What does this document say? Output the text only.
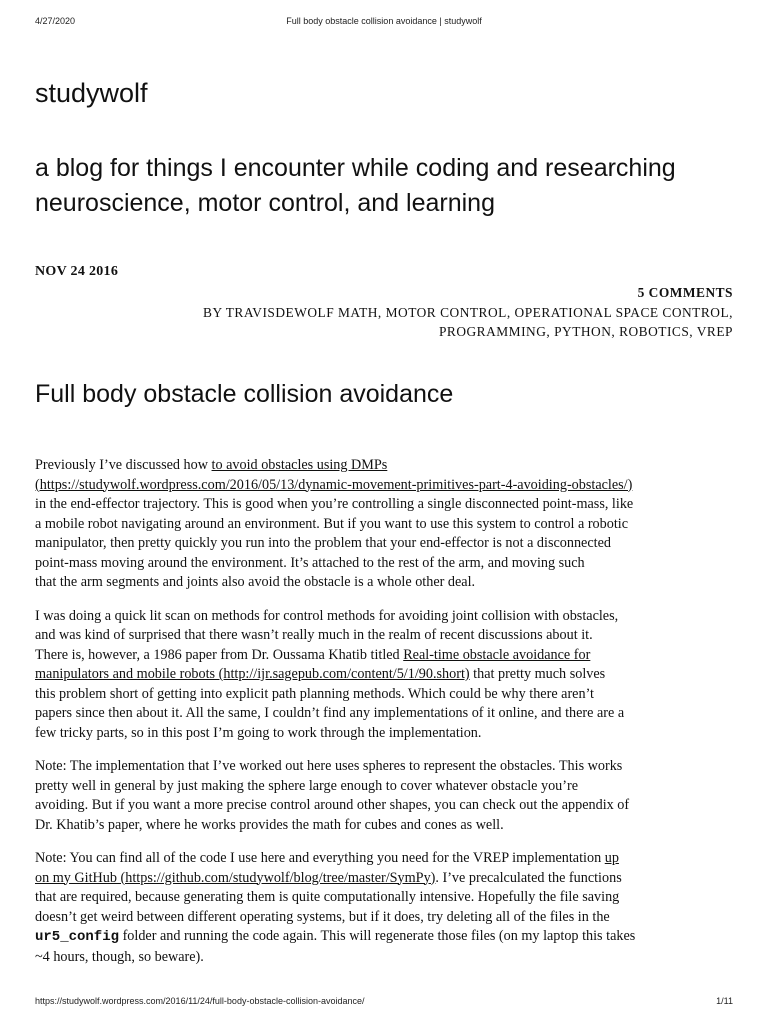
4/27/2020	Full body obstacle collision avoidance | studywolf
studywolf
a blog for things I encounter while coding and researching
neuroscience, motor control, and learning
NOV 24 2016
5 COMMENTS
BY TRAVISDEWOLF MATH, MOTOR CONTROL, OPERATIONAL SPACE CONTROL,
PROGRAMMING, PYTHON, ROBOTICS, VREP
Full body obstacle collision avoidance

Previously I’ve discussed how to avoid obstacles using DMPs
(https://studywolf.wordpress.com/2016/05/13/dynamic-movement-primitives-part-4-avoiding-obstacles/)
in the end-effector trajectory. This is good when you’re controlling a single disconnected point-mass, like
a mobile robot navigating around an environment. But if you want to use this system to control a robotic
manipulator, then pretty quickly you run into the problem that your end-effector is not a disconnected
point-mass moving around the environment. It’s attached to the rest of the arm, and moving such
that the arm segments and joints also avoid the obstacle is a whole other deal.

I was doing a quick lit scan on methods for control methods for avoiding joint collision with obstacles,
and was kind of surprised that there wasn’t really much in the realm of recent discussions about it.
There is, however, a 1986 paper from Dr. Oussama Khatib titled Real-time obstacle avoidance for
manipulators and mobile robots (http://ijr.sagepub.com/content/5/1/90.short) that pretty much solves
this problem short of getting into explicit path planning methods. Which could be why there aren’t
papers since then about it. All the same, I couldn’t find any implementations of it online, and there are a
few tricky parts, so in this post I’m going to work through the implementation.

Note: The implementation that I’ve worked out here uses spheres to represent the obstacles. This works
pretty well in general by just making the sphere large enough to cover whatever obstacle you’re
avoiding. But if you want a more precise control around other shapes, you can check out the appendix of
Dr. Khatib’s paper, where he works provides the math for cubes and cones as well.

Note: You can find all of the code I use here and everything you need for the VREP implementation up
on my GitHub (https://github.com/studywolf/blog/tree/master/SymPy). I’ve precalculated the functions
that are required, because generating them is quite computationally intensive. Hopefully the file saving
doesn’t get weird between different operating systems, but if it does, try deleting all of the files in the
ur5_config folder and running the code again. This will regenerate those files (on my laptop this takes
~4 hours, though, so beware).

https://studywolf.wordpress.com/2016/11/24/full-body-obstacle-collision-avoidance/	1/11
